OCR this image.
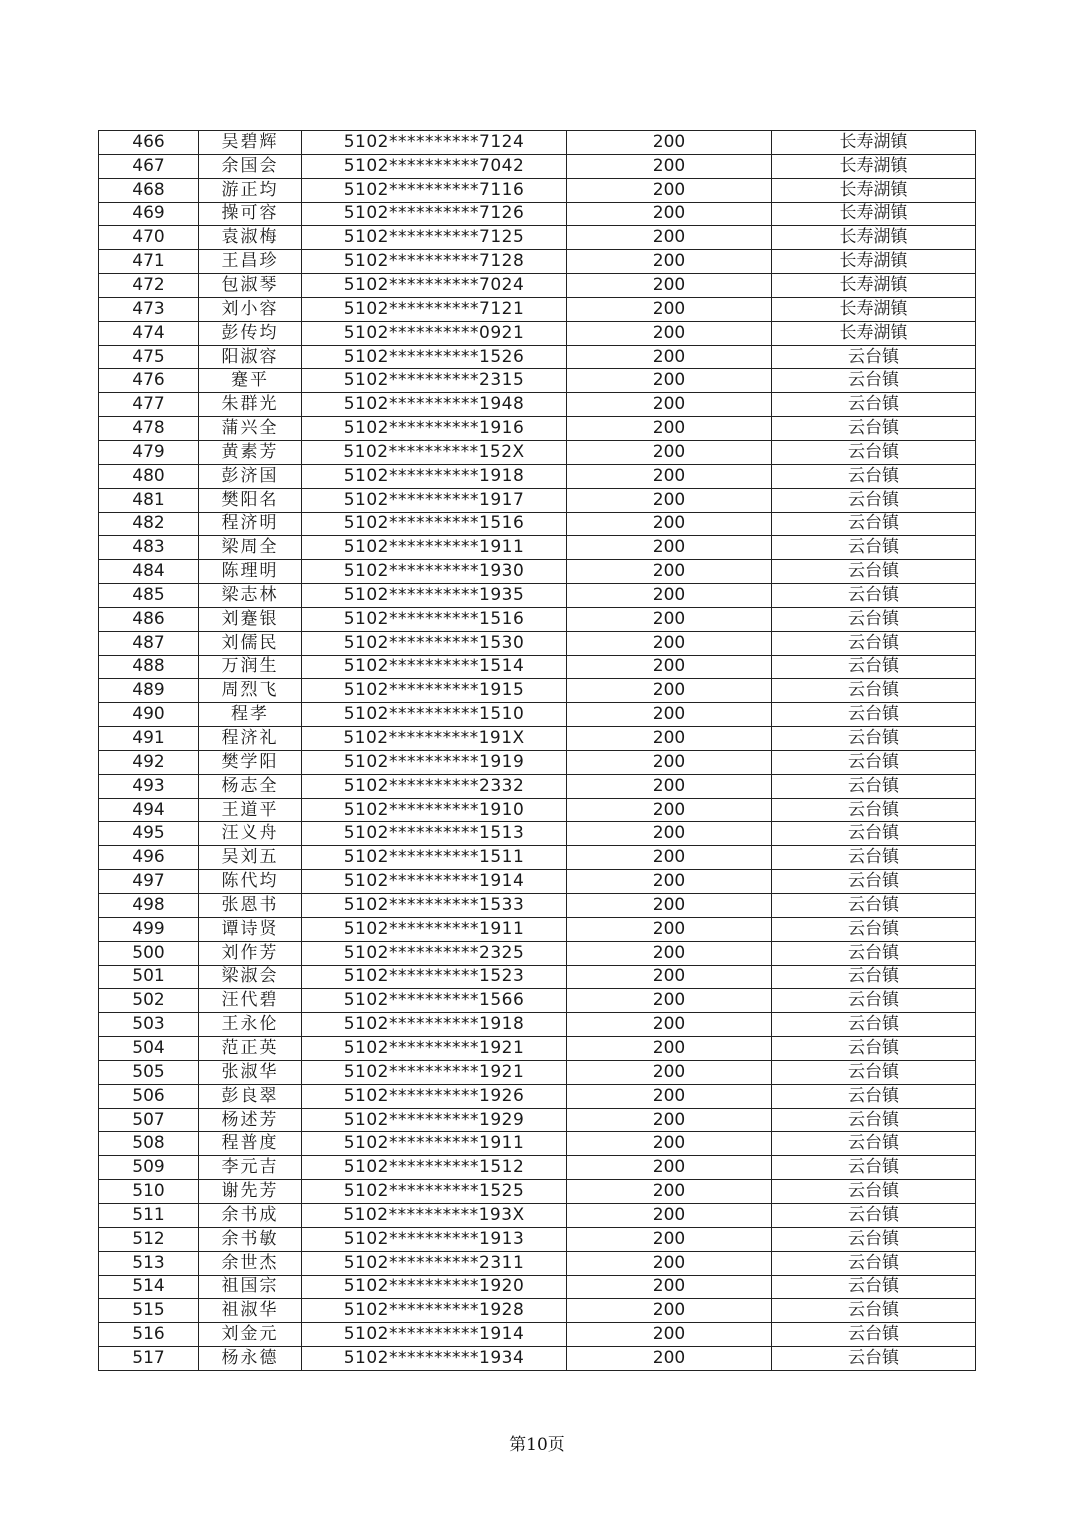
466	吴碧辉	5102**********7124	200	长寿湖镇
467	余国会	5102**********7042	200	长寿湖镇
468	游正均	5102**********7116	200	长寿湖镇
469	操可容	5102**********7126	200	长寿湖镇
470	袁淑梅	5102**********7125	200	长寿湖镇
471	王昌珍	5102**********7128	200	长寿湖镇
472	包淑琴	5102**********7024	200	长寿湖镇
473	刘小容	5102**********7121	200	长寿湖镇
474	彭传均	5102**********0921	200	长寿湖镇
475	阳淑容	5102**********1526	200	云台镇
476	蹇平	5102**********2315	200	云台镇
477	朱群光	5102**********1948	200	云台镇
478	蒲兴全	5102**********1916	200	云台镇
479	黄素芳	5102**********152X	200	云台镇
480	彭济国	5102**********1918	200	云台镇
481	樊阳名	5102**********1917	200	云台镇
482	程济明	5102**********1516	200	云台镇
483	梁周全	5102**********1911	200	云台镇
484	陈理明	5102**********1930	200	云台镇
485	梁志林	5102**********1935	200	云台镇
486	刘蹇银	5102**********1516	200	云台镇
487	刘儒民	5102**********1530	200	云台镇
488	万润生	5102**********1514	200	云台镇
489	周烈飞	5102**********1915	200	云台镇
490	程孝	5102**********1510	200	云台镇
491	程济礼	5102**********191X	200	云台镇
492	樊学阳	5102**********1919	200	云台镇
493	杨志全	5102**********2332	200	云台镇
494	王道平	5102**********1910	200	云台镇
495	汪义舟	5102**********1513	200	云台镇
496	吴刘五	5102**********1511	200	云台镇
497	陈代均	5102**********1914	200	云台镇
498	张恩书	5102**********1533	200	云台镇
499	谭诗贤	5102**********1911	200	云台镇
500	刘作芳	5102**********2325	200	云台镇
501	梁淑会	5102**********1523	200	云台镇
502	汪代碧	5102**********1566	200	云台镇
503	王永伦	5102**********1918	200	云台镇
504	范正英	5102**********1921	200	云台镇
505	张淑华	5102**********1921	200	云台镇
506	彭良翠	5102**********1926	200	云台镇
507	杨述芳	5102**********1929	200	云台镇
508	程普度	5102**********1911	200	云台镇
509	李元吉	5102**********1512	200	云台镇
510	谢先芳	5102**********1525	200	云台镇
511	余书成	5102**********193X	200	云台镇
512	余书敏	5102**********1913	200	云台镇
513	余世杰	5102**********2311	200	云台镇
514	祖国宗	5102**********1920	200	云台镇
515	祖淑华	5102**********1928	200	云台镇
516	刘金元	5102**********1914	200	云台镇
517	杨永德	5102**********1934	200	云台镇
第10页
